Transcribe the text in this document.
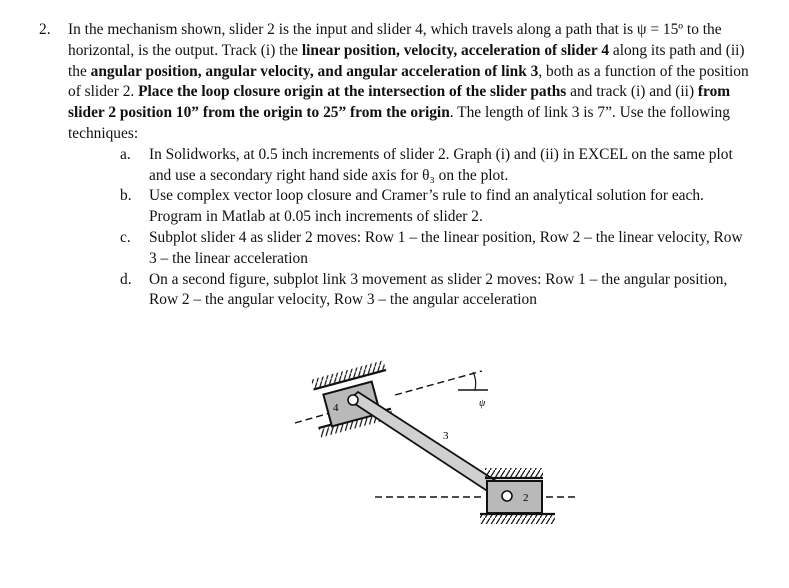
2. In the mechanism shown, slider 2 is the input and slider 4, which travels along a path that is ψ = 15º to the horizontal, is the output. Track (i) the linear position, velocity, acceleration of slider 4 along its path and (ii) the angular position, angular velocity, and angular acceleration of link 3, both as a function of the position of slider 2. Place the loop closure origin at the intersection of the slider paths and track (i) and (ii) from slider 2 position 10” from the origin to 25” from the origin. The length of link 3 is 7”. Use the following techniques:
a. In Solidworks, at 0.5 inch increments of slider 2. Graph (i) and (ii) in EXCEL on the same plot and use a secondary right hand side axis for θ₃ on the plot.
b. Use complex vector loop closure and Cramer’s rule to find an analytical solution for each. Program in Matlab at 0.05 inch increments of slider 2.
c. Subplot slider 4 as slider 2 moves: Row 1 – the linear position, Row 2 – the linear velocity, Row 3 – the linear acceleration
d. On a second figure, subplot link 3 movement as slider 2 moves: Row 1 – the angular position, Row 2 – the angular velocity, Row 3 – the angular acceleration
4
3
ψ
2
